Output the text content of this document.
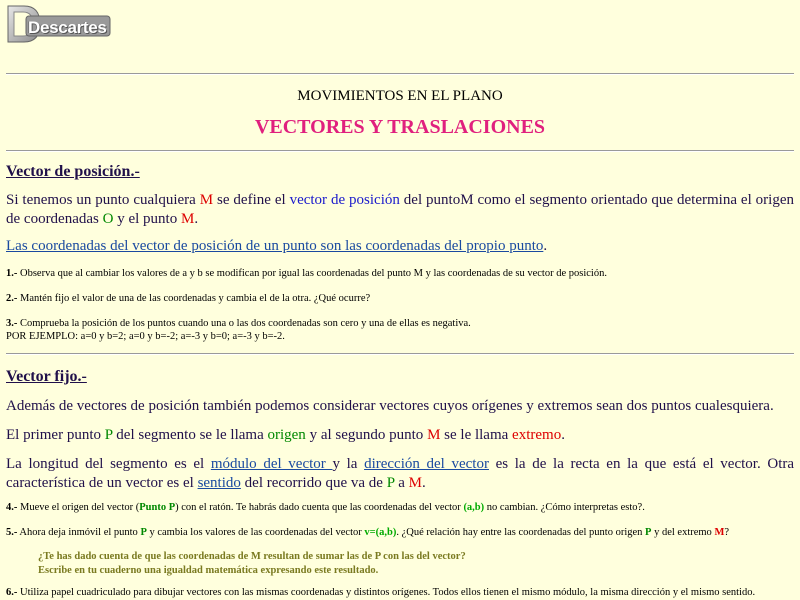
Descartes
MOVIMIENTOS EN EL PLANO
VECTORES Y TRASLACIONES
Vector de posición.-
Si tenemos un punto cualquiera M se define el vector de posición del puntoM como el segmento orientado que determina el origen de coordenadas O y el punto M.
Las coordenadas del vector de posición de un punto son las coordenadas del propio punto.
1.- Observa que al cambiar los valores de a y b se modifican por igual las coordenadas del punto M y las coordenadas de su vector de posición.
2.- Mantén fijo el valor de una de las coordenadas y cambia el de la otra. ¿Qué ocurre?
3.- Comprueba la posición de los puntos cuando una o las dos coordenadas son cero y una de ellas es negativa.
POR EJEMPLO: a=0 y b=2; a=0 y b=-2; a=-3 y b=0; a=-3 y b=-2.
Vector fijo.-
Además de vectores de posición también podemos considerar vectores cuyos orígenes y extremos sean dos puntos cualesquiera.
El primer punto P del segmento se le llama origen y al segundo punto M se le llama extremo.
La longitud del segmento es el módulo del vector y la dirección del vector es la de la recta en la que está el vector. Otra característica de un vector es el sentido del recorrido que va de P a M.
4.- Mueve el origen del vector (Punto P) con el ratón. Te habrás dado cuenta que las coordenadas del vector (a,b) no cambian. ¿Cómo interpretas esto?.
5.- Ahora deja inmóvil el punto P y cambia los valores de las coordenadas del vector v=(a,b). ¿Qué relación hay entre las coordenadas del punto origen P y del extremo M?
¿Te has dado cuenta de que las coordenadas de M resultan de sumar las de P con las del vector?
Escribe en tu cuaderno una igualdad matemática expresando este resultado.
6.- Utiliza papel cuadriculado para dibujar vectores con las mismas coordenadas y distintos orígenes. Todos ellos tienen el mismo módulo, la misma dirección y el mismo sentido.
